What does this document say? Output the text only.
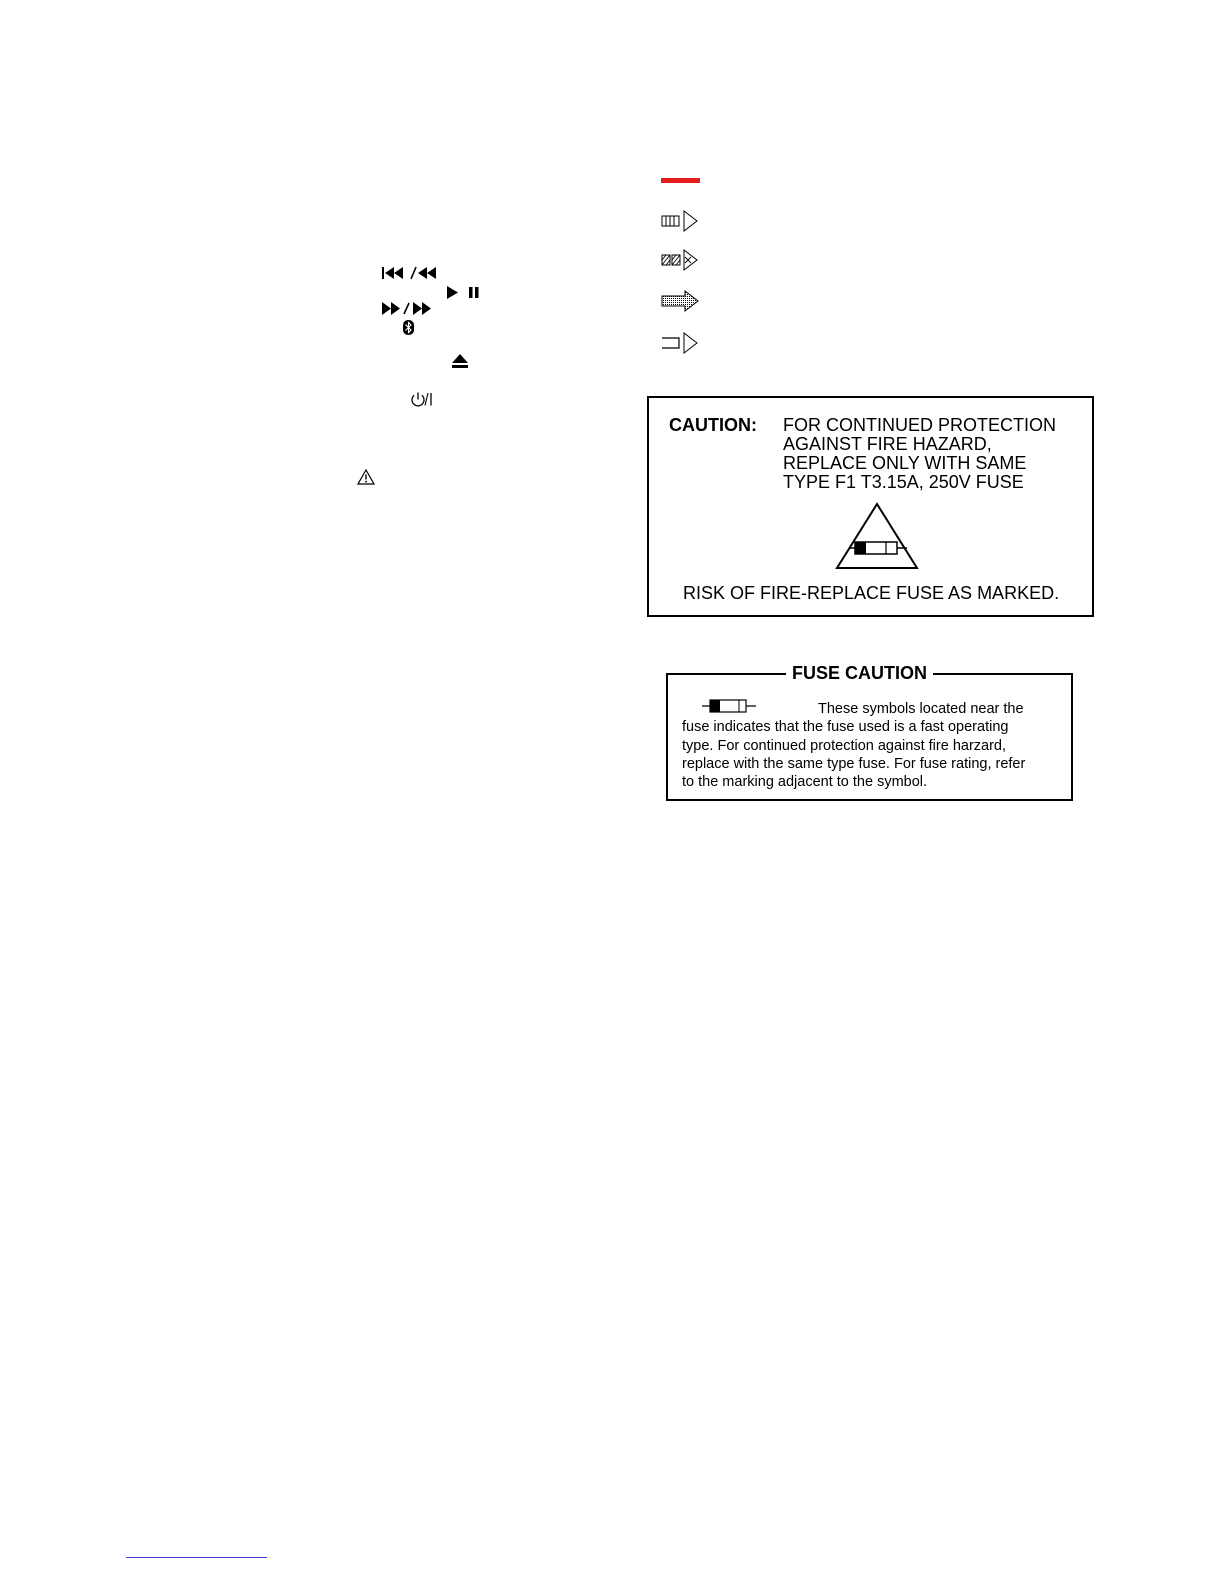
CAUTION: FOR CONTINUED PROTECTION
AGAINST FIRE HAZARD,
REPLACE ONLY WITH SAME
TYPE F1 T3.15A, 250V FUSE
RISK OF FIRE-REPLACE FUSE AS MARKED.
FUSE CAUTION
These symbols located near the
fuse indicates that the fuse used is a fast operating
type. For continued protection against fire harzard,
replace with the same type fuse. For fuse rating, refer
to the marking adjacent to the symbol.
